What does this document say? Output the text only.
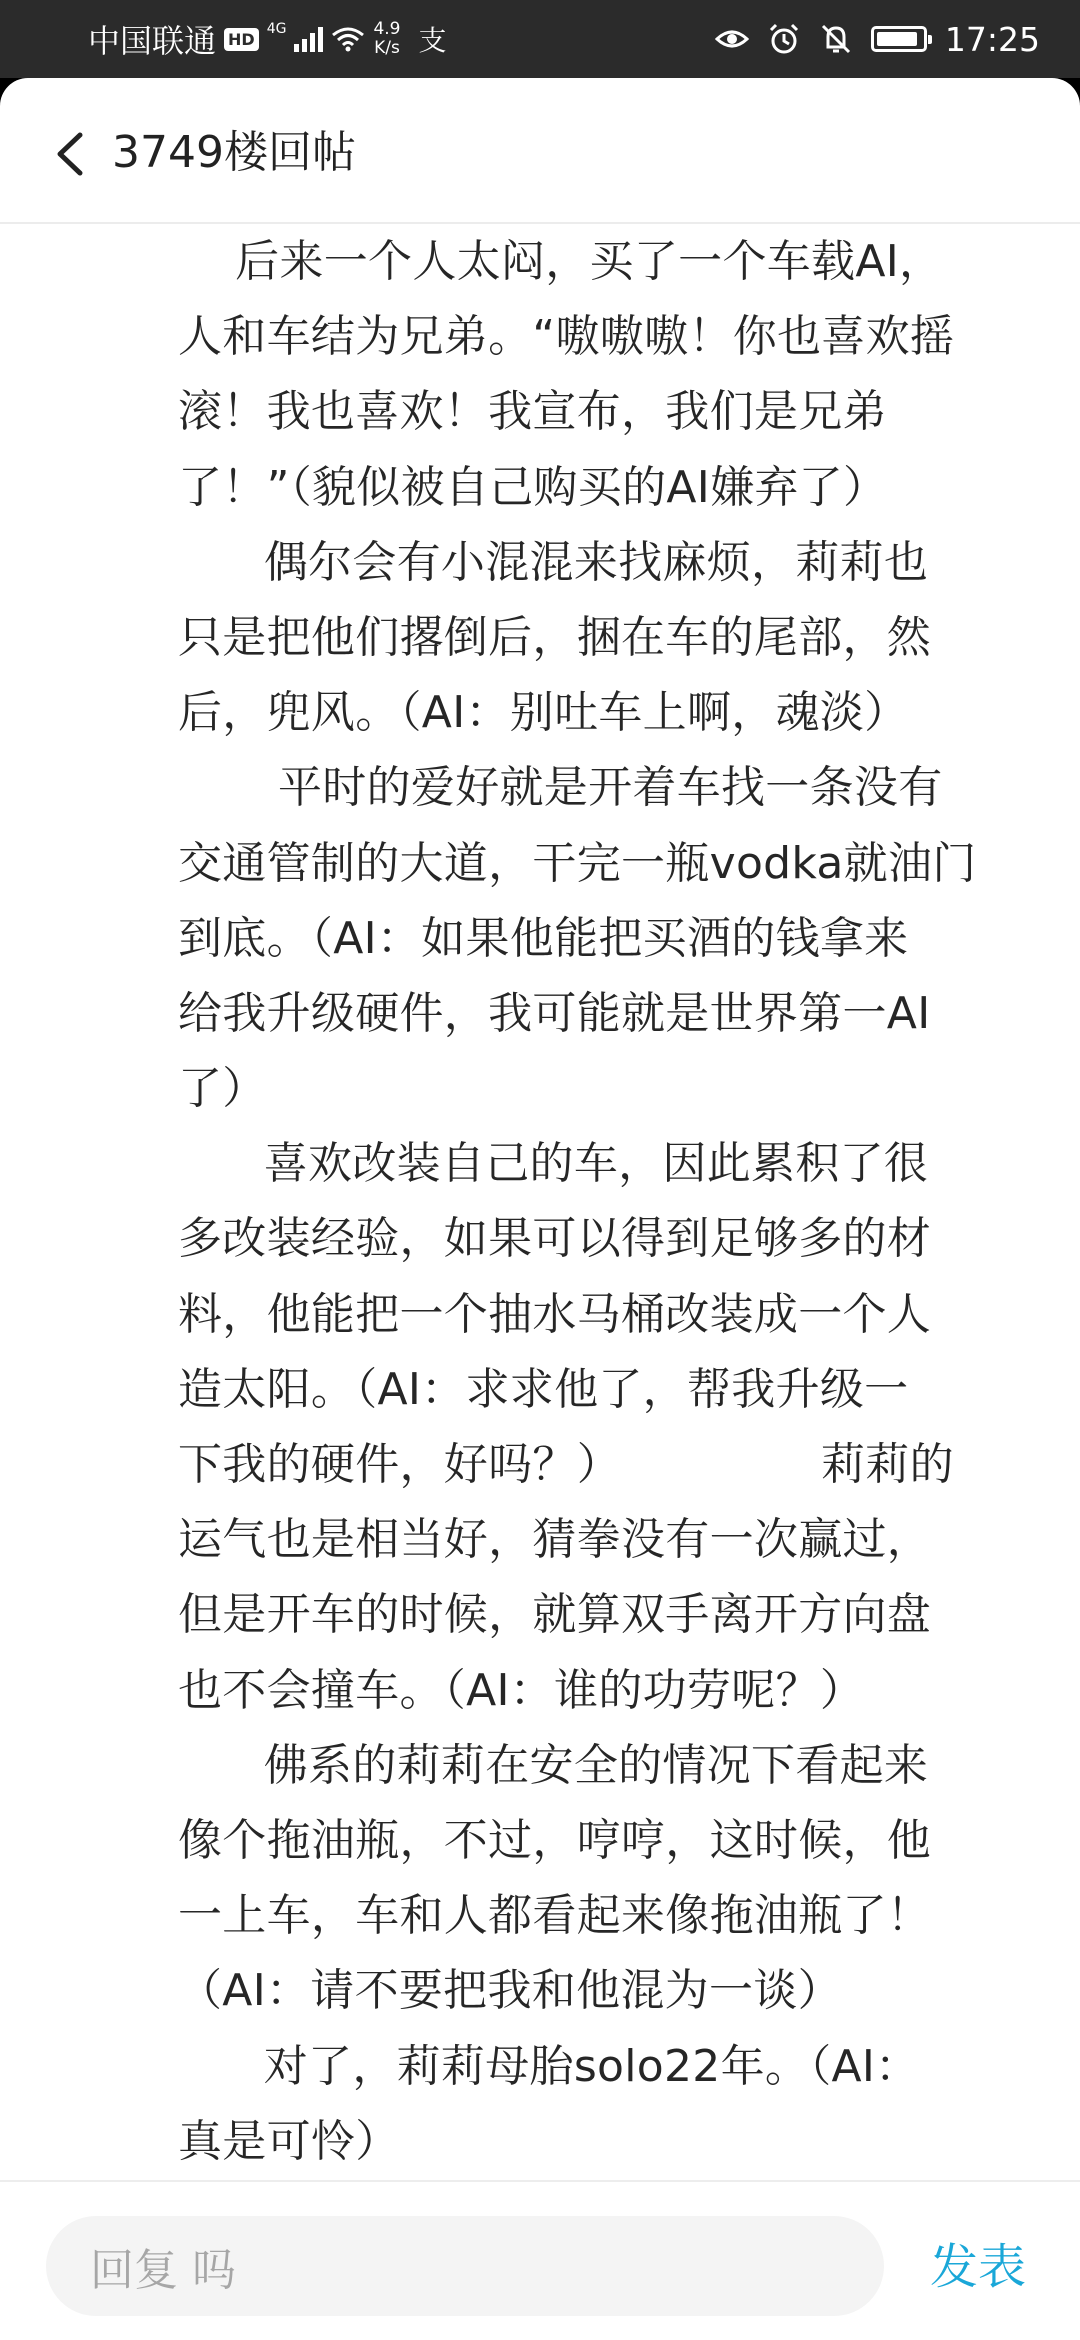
中国联通 HD
4G	4.9
K/s 支	17:25
3749楼回帖
后来一个人太闷，买了一个车载AI，
人和车结为兄弟。“嗷嗷嗷！你也喜欢摇
滚！我也喜欢！我宣布，我们是兄弟
了！”（貌似被自己购买的AI嫌弃了）
偶尔会有小混混来找麻烦，莉莉也
只是把他们撂倒后，捆在车的尾部，然
后，兜风。（AI：别吐车上啊，魂淡）
平时的爱好就是开着车找一条没有
交通管制的大道，干完一瓶vodka就油门
到底。（AI：如果他能把买酒的钱拿来
给我升级硬件，我可能就是世界第一AI
了）
喜欢改装自己的车，因此累积了很
多改装经验，如果可以得到足够多的材
料，他能把一个抽水马桶改装成一个人
造太阳。（AI：求求他了，帮我升级一
下我的硬件，好吗？）              莉莉的
运气也是相当好，猜拳没有一次赢过，
但是开车的时候，就算双手离开方向盘
也不会撞车。（AI：谁的功劳呢？）
佛系的莉莉在安全的情况下看起来
像个拖油瓶，不过，哼哼，这时候，他
一上车，车和人都看起来像拖油瓶了！
（AI：请不要把我和他混为一谈）
对了，莉莉母胎solo22年。（AI：
真是可怜）
回复 吗	发表
